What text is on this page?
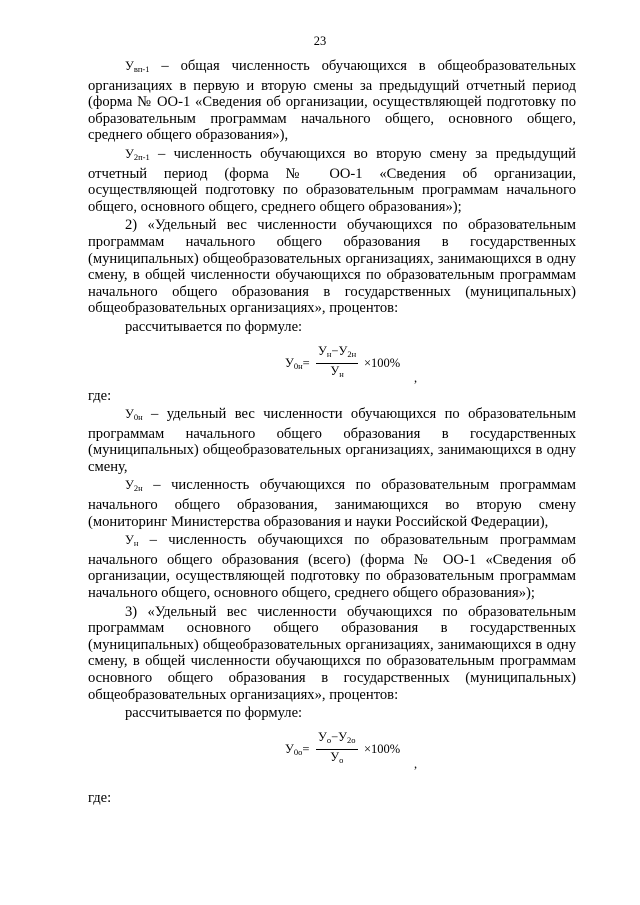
23

$У_{вп-1}$ – общая численность обучающихся в общеобразовательных организациях в первую и вторую смены за предыдущий отчетный период (форма № ОО-1 «Сведения об организации, осуществляющей подготовку по образовательным программам начального общего, основного общего, среднего общего образования»),

$У_{2п-1}$ – численность обучающихся во вторую смену за предыдущий отчетный период (форма № ОО-1 «Сведения об организации, осуществляющей подготовку по образовательным программам начального общего, основного общего, среднего общего образования»);

2) «Удельный вес численности обучающихся по образовательным программам начального общего образования в государственных (муниципальных) общеобразовательных организациях, занимающихся в одну смену, в общей численности обучающихся по образовательным программам начального общего образования в государственных (муниципальных) общеобразовательных организациях», процентов:

рассчитывается по формуле:

$У_{0н}=$
$У_н-У_{2н}$
$У_н$
×100%
,

где:

$У_{0н}$ – удельный вес численности обучающихся по образовательным программам начального общего образования в государственных (муниципальных) общеобразовательных организациях, занимающихся в одну смену,

$У_{2н}$ – численность обучающихся по образовательным программам начального общего образования, занимающихся во вторую смену (мониторинг Министерства образования и науки Российской Федерации),

$У_н$ – численность обучающихся по образовательным программам начального общего образования (всего) (форма № ОО-1 «Сведения об организации, осуществляющей подготовку по образовательным программам начального общего, основного общего, среднего общего образования»);

3) «Удельный вес численности обучающихся по образовательным программам основного общего образования в государственных (муниципальных) общеобразовательных организациях, занимающихся в одну смену, в общей численности обучающихся по образовательным программам основного общего образования в государственных (муниципальных) общеобразовательных организациях», процентов:

рассчитывается по формуле:

$У_{0о}=$
$У_о-У_{2о}$
$У_о$
×100%
,

где:
